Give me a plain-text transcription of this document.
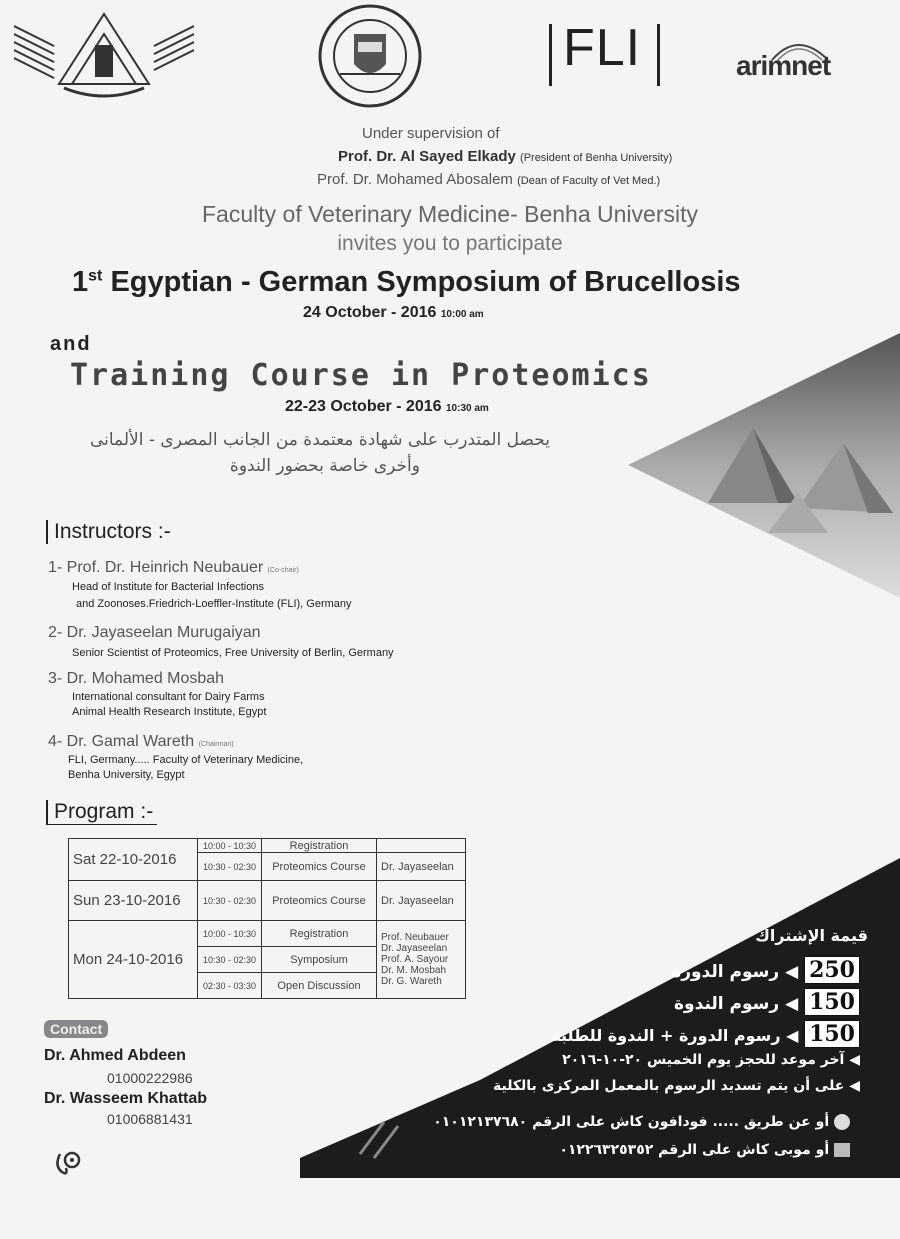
FLI	arimnet
Under supervision of
Prof. Dr. Al Sayed Elkady (President of Benha University)
Prof. Dr. Mohamed Abosalem (Dean of Faculty of Vet Med.)
Faculty of Veterinary Medicine- Benha University
invites you to participate
1st Egyptian - German Symposium of Brucellosis
24 October - 2016 10:00 am
and
Training Course in Proteomics
22-23 October - 2016 10:30 am
يحصل المتدرب على شهادة معتمدة من الجانب المصرى - الألمانى
وأخرى خاصة بحضور الندوة
Instructors :-
1- Prof. Dr. Heinrich Neubauer (Co-chair)
Head of Institute for Bacterial Infections
and Zoonoses.Friedrich-Loeffler-Institute (FLI), Germany
2- Dr. Jayaseelan Murugaiyan
Senior Scientist of Proteomics, Free University of Berlin, Germany
3- Dr. Mohamed Mosbah
International consultant for Dairy Farms
Animal Health Research Institute, Egypt
4- Dr. Gamal Wareth (Chairman)
FLI, Germany..... Faculty of Veterinary Medicine,
Benha University, Egypt
Program :-
Sat 22-10-2016	10:00 - 10:30	Registration	
	10:30 - 02:30	Proteomics Course	Dr. Jayaseelan
Sun 23-10-2016	10:30 - 02:30	Proteomics Course	Dr. Jayaseelan
Mon 24-10-2016	10:00 - 10:30	Registration	Prof. Neubauer
Dr. Jayaseelan
Prof. A. Sayour
Dr. M. Mosbah
Dr. G. Wareth

	10:30 - 02:30	Symposium	
	02:30 - 03:30	Open Discussion	
قيمة الإشتراك
250 ◀ رسوم الدورة
150 ◀ رسوم الندوة
150 ◀ رسوم الدورة + الندوة للطلبة
◀ آخر موعد للحجز يوم الخميس ٢٠-١٠-٢٠١٦
◀ على أن يتم تسديد الرسوم بالمعمل المركزى بالكلية
أو عن طريق ..... فودافون كاش على الرقم ٠١٠١٢١٣٧٦٨٠
أو موبى كاش على الرقم ٠١٢٢٦٣٢٥٣٥٢
Contact
Dr. Ahmed Abdeen
01000222986
Dr. Wasseem Khattab
01006881431
